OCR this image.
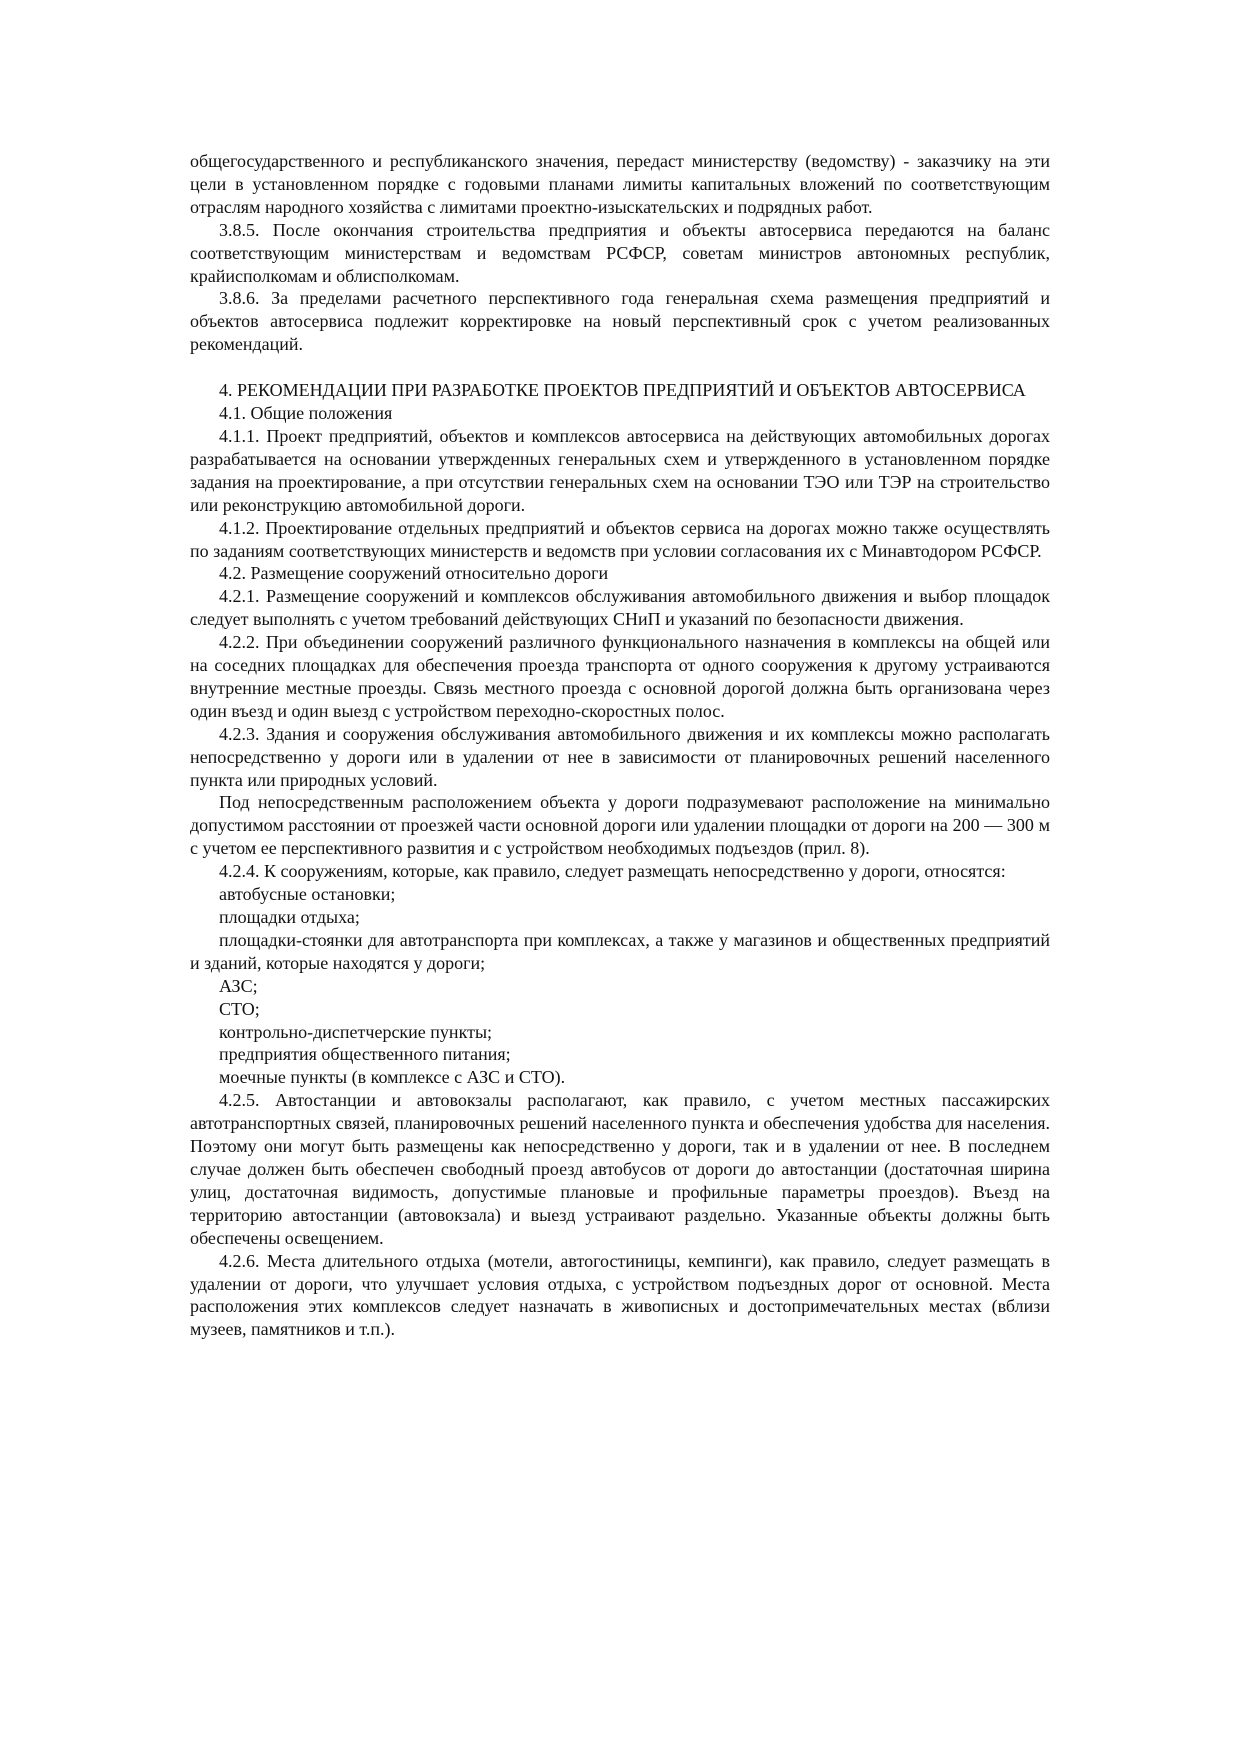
общегосударственного и республиканского значения, передаст министерству (ведомству) - заказчику на эти цели в установленном порядке с годовыми планами лимиты капитальных вложений по соответствующим отраслям народного хозяйства с лимитами проектно-изыскательских и подрядных работ.

3.8.5. После окончания строительства предприятия и объекты автосервиса передаются на баланс соответствующим министерствам и ведомствам РСФСР, советам министров автономных республик, крайисполкомам и облисполкомам.

3.8.6. За пределами расчетного перспективного года генеральная схема размещения предприятий и объектов автосервиса подлежит корректировке на новый перспективный срок с учетом реализованных рекомендаций.

4. РЕКОМЕНДАЦИИ ПРИ РАЗРАБОТКЕ ПРОЕКТОВ ПРЕДПРИЯТИЙ И ОБЪЕКТОВ АВТОСЕРВИСА

4.1. Общие положения

4.1.1. Проект предприятий, объектов и комплексов автосервиса на действующих автомобильных дорогах разрабатывается на основании утвержденных генеральных схем и утвержденного в установленном порядке задания на проектирование, а при отсутствии генеральных схем на основании ТЭО или ТЭР на строительство или реконструкцию автомобильной дороги.

4.1.2. Проектирование отдельных предприятий и объектов сервиса на дорогах можно также осуществлять по заданиям соответствующих министерств и ведомств при условии согласования их с Минавтодором РСФСР.

4.2. Размещение сооружений относительно дороги

4.2.1. Размещение сооружений и комплексов обслуживания автомобильного движения и выбор площадок следует выполнять с учетом требований действующих СНиП и указаний по безопасности движения.

4.2.2. При объединении сооружений различного функционального назначения в комплексы на общей или на соседних площадках для обеспечения проезда транспорта от одного сооружения к другому устраиваются внутренние местные проезды. Связь местного проезда с основной дорогой должна быть организована через один въезд и один выезд с устройством переходно-скоростных полос.

4.2.3. Здания и сооружения обслуживания автомобильного движения и их комплексы можно располагать непосредственно у дороги или в удалении от нее в зависимости от планировочных решений населенного пункта или природных условий.

Под непосредственным расположением объекта у дороги подразумевают расположение на минимально допустимом расстоянии от проезжей части основной дороги или удалении площадки от дороги на 200 — 300 м с учетом ее перспективного развития и с устройством необходимых подъездов (прил. 8).

4.2.4. К сооружениям, которые, как правило, следует размещать непосредственно у дороги, относятся:

автобусные остановки;

площадки отдыха;

площадки-стоянки для автотранспорта при комплексах, а также у магазинов и общественных предприятий и зданий, которые находятся у дороги;

АЗС;

СТО;

контрольно-диспетчерские пункты;

предприятия общественного питания;

моечные пункты (в комплексе с АЗС и СТО).

4.2.5. Автостанции и автовокзалы располагают, как правило, с учетом местных пассажирских автотранспортных связей, планировочных решений населенного пункта и обеспечения удобства для населения. Поэтому они могут быть размещены как непосредственно у дороги, так и в удалении от нее. В последнем случае должен быть обеспечен свободный проезд автобусов от дороги до автостанции (достаточная ширина улиц, достаточная видимость, допустимые плановые и профильные параметры проездов). Въезд на территорию автостанции (автовокзала) и выезд устраивают раздельно. Указанные объекты должны быть обеспечены освещением.

4.2.6. Места длительного отдыха (мотели, автогостиницы, кемпинги), как правило, следует размещать в удалении от дороги, что улучшает условия отдыха, с устройством подъездных дорог от основной. Места расположения этих комплексов следует назначать в живописных и достопримечательных местах (вблизи музеев, памятников и т.п.).
